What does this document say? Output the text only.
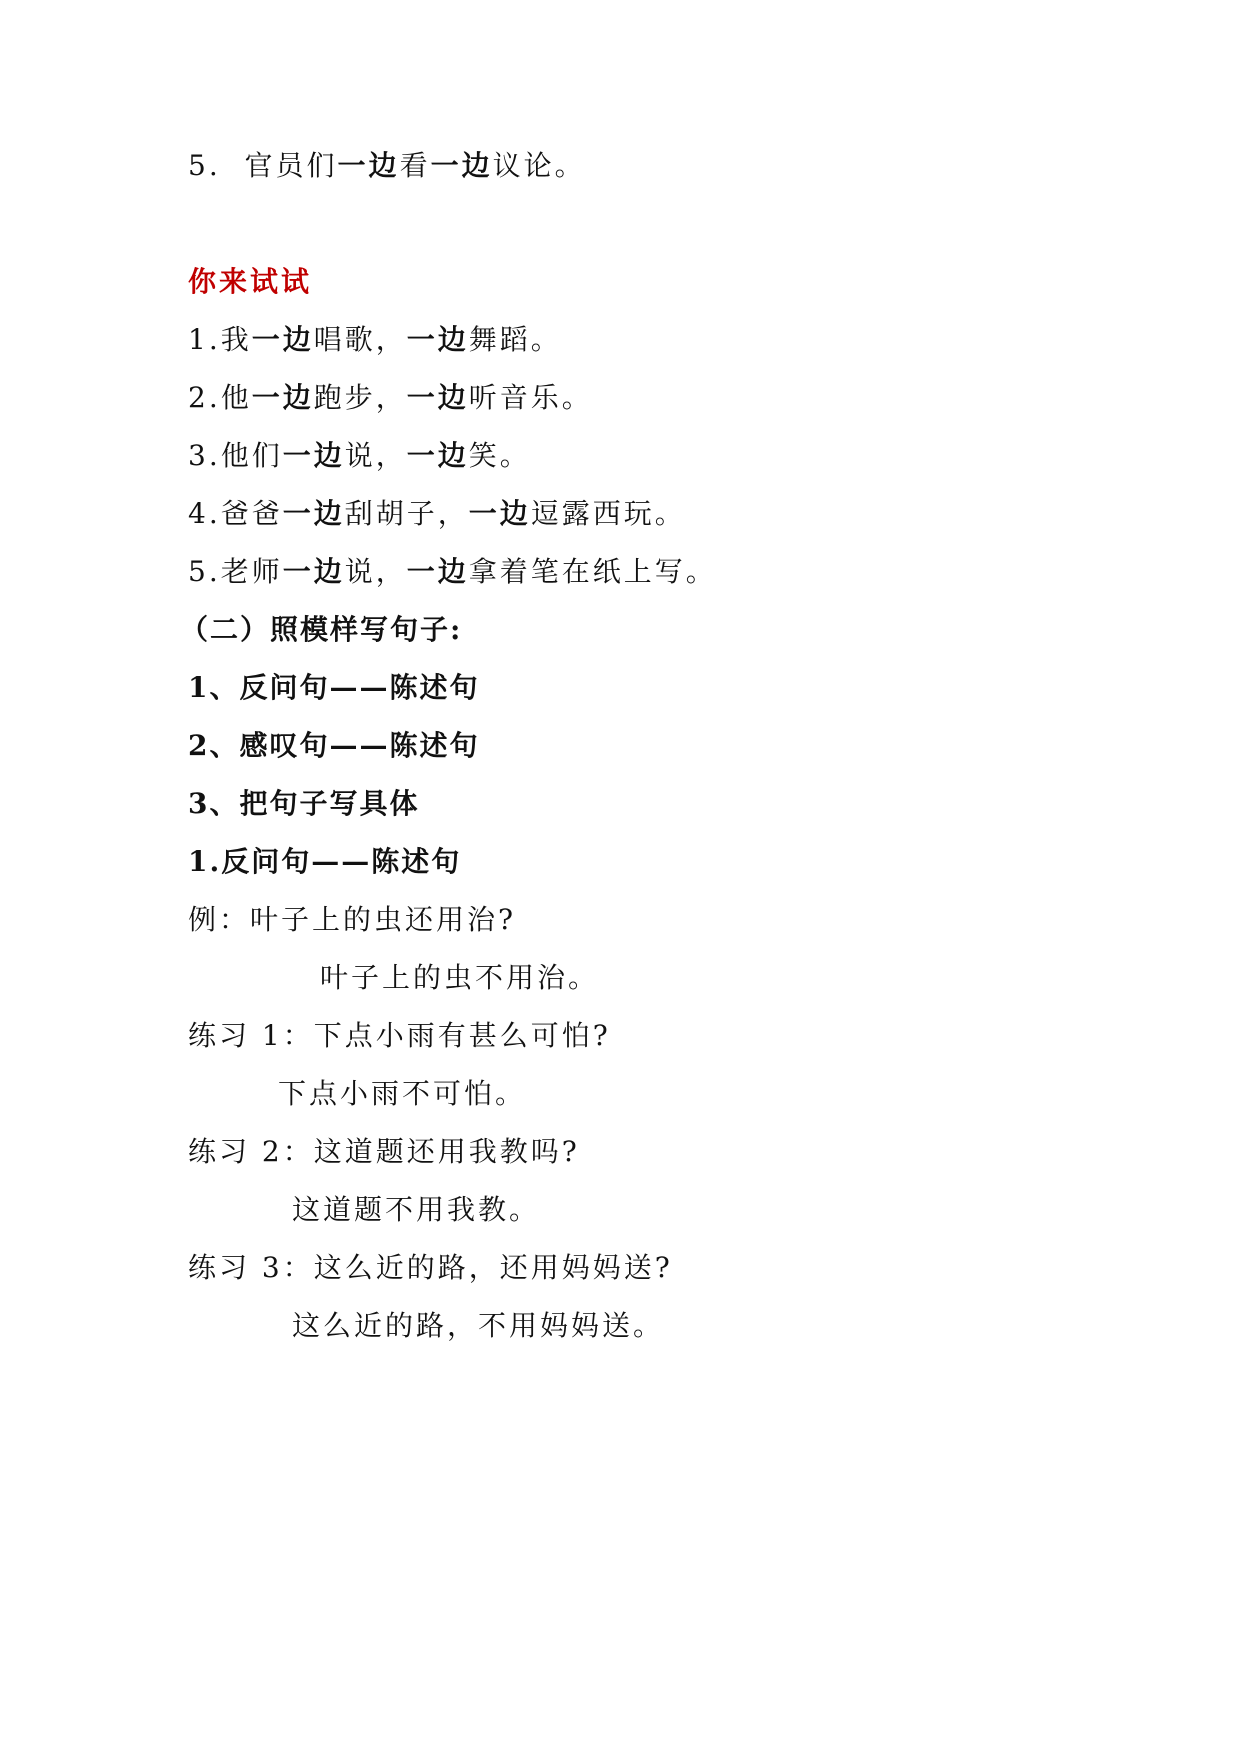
5. 官员们一边看一边议论。
你来试试
1.我一边唱歌，一边舞蹈。
2.他一边跑步，一边听音乐。
3.他们一边说，一边笑。
4.爸爸一边刮胡子，一边逗露西玩。
5.老师一边说，一边拿着笔在纸上写。
（二）照模样写句子:
1、反问句——陈述句
2、感叹句——陈述句
3、把句子写具体
1.反问句——陈述句
例：叶子上的虫还用治?
叶子上的虫不用治。
练习 1：下点小雨有甚么可怕?
下点小雨不可怕。
练习 2：这道题还用我教吗?
这道题不用我教。
练习 3：这么近的路，还用妈妈送?
这么近的路，不用妈妈送。
